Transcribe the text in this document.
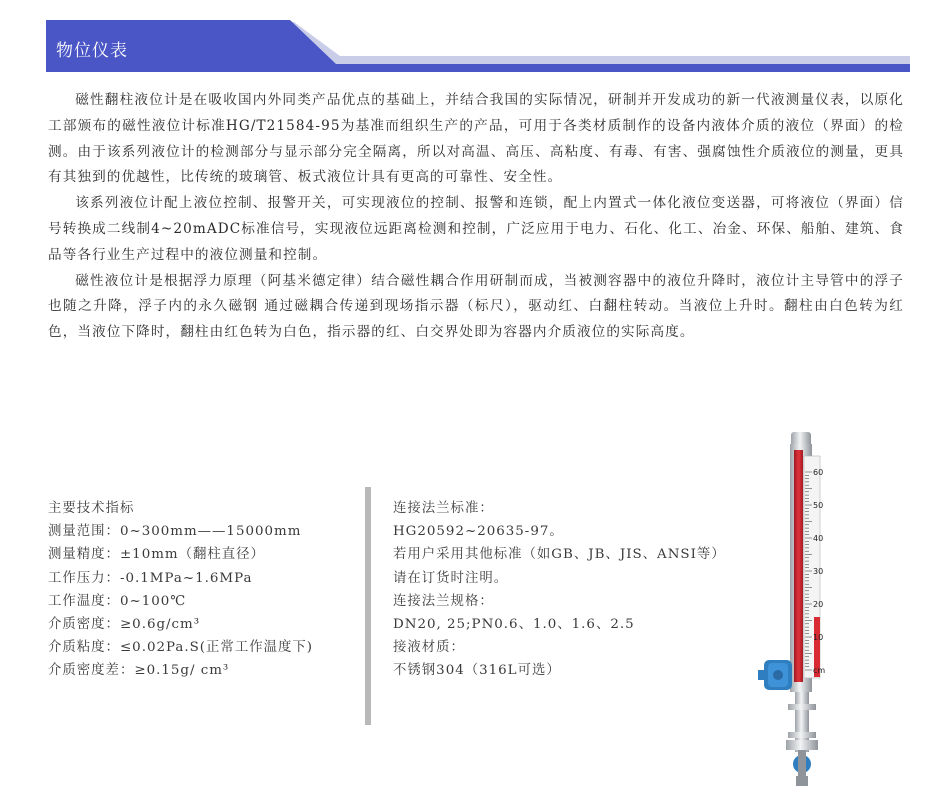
物位仪表

磁性翻柱液位计是在吸收国内外同类产品优点的基础上，并结合我国的实际情况，研制并开发成功的新一代液测量仪表，以原化工部颁布的磁性液位计标准HG/T21584-95为基准而组织生产的产品，可用于各类材质制作的设备内液体介质的液位（界面）的检测。由于该系列液位计的检测部分与显示部分完全隔离，所以对高温、高压、高粘度、有毒、有害、强腐蚀性介质液位的测量，更具有其独到的优越性，比传统的玻璃管、板式液位计具有更高的可靠性、安全性。

该系列液位计配上液位控制、报警开关，可实现液位的控制、报警和连锁，配上内置式一体化液位变送器，可将液位（界面）信号转换成二线制4~20mADC标准信号，实现液位远距离检测和控制，广泛应用于电力、石化、化工、冶金、环保、船舶、建筑、食品等各行业生产过程中的液位测量和控制。

磁性液位计是根据浮力原理（阿基米德定律）结合磁性耦合作用研制而成，当被测容器中的液位升降时，液位计主导管中的浮子也随之升降，浮子内的永久磁钢 通过磁耦合传递到现场指示器（标尺），驱动红、白翻柱转动。当液位上升时。翻柱由白色转为红色，当液位下降时，翻柱由红色转为白色，指示器的红、白交界处即为容器内介质液位的实际高度。

主要技术指标
测量范围：0~300mm——15000mm
测量精度：±10mm（翻柱直径）
工作压力：-0.1MPa~1.6MPa
工作温度：0~100℃
介质密度：≥0.6g/cm³
介质粘度：≤0.02Pa.S(正常工作温度下)
介质密度差：≥0.15g/ cm³
连接法兰标准：
HG20592~20635-97。
若用户采用其他标准（如GB、JB、JIS、ANSI等）请在订货时注明。
连接法兰规格：
DN20, 25;PN0.6、1.0、1.6、2.5
接液材质：
不锈钢304（316L可选）
60
50
40
30
20
10
cm
